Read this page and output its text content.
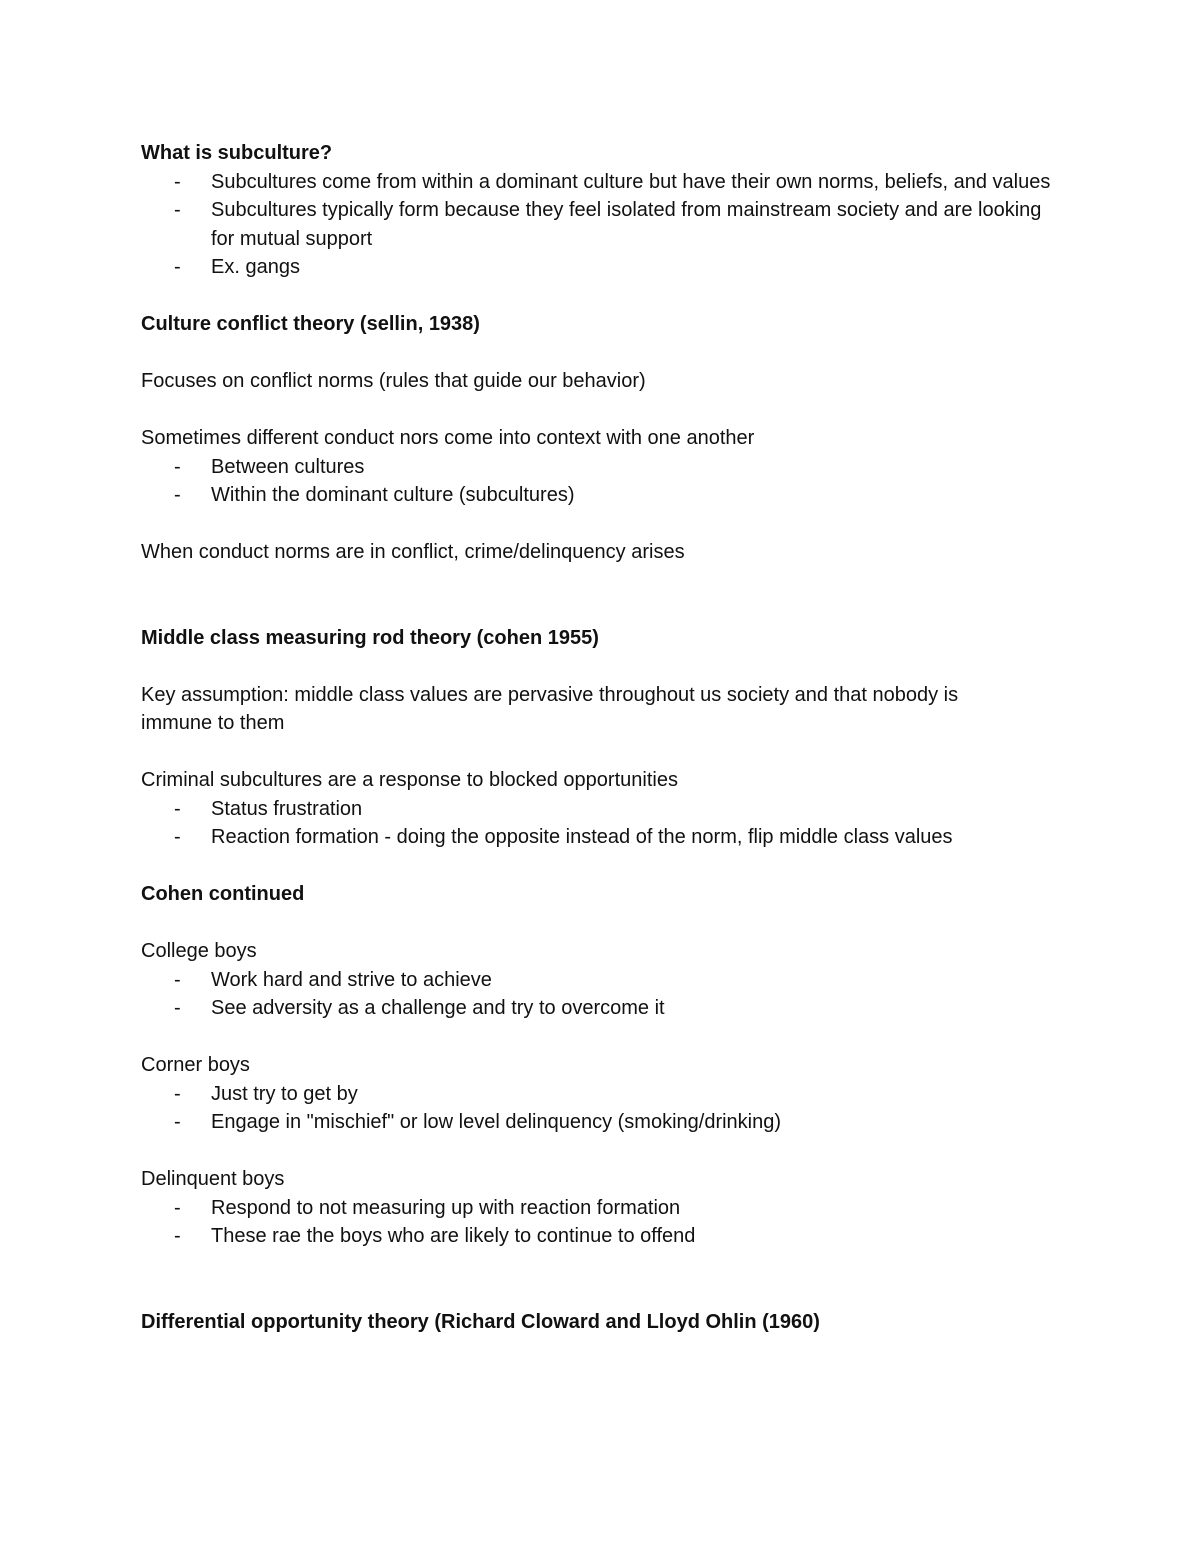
What is subculture?
- Subcultures come from within a dominant culture but have their own norms, beliefs, and values
- Subcultures typically form because they feel isolated from mainstream society and are looking for mutual support
- Ex. gangs
Culture conflict theory (sellin, 1938)
Focuses on conflict norms (rules that guide our behavior)
Sometimes different conduct nors come into context with one another
- Between cultures
- Within the dominant culture (subcultures)
When conduct norms are in conflict, crime/delinquency arises
Middle class measuring rod theory (cohen 1955)
Key assumption: middle class values are pervasive throughout us society and that nobody is
immune to them
Criminal subcultures are a response to blocked opportunities
- Status frustration
- Reaction formation - doing the opposite instead of the norm, flip middle class values
Cohen continued
College boys
- Work hard and strive to achieve
- See adversity as a challenge and try to overcome it
Corner boys
- Just try to get by
- Engage in "mischief" or low level delinquency (smoking/drinking)
Delinquent boys
- Respond to not measuring up with reaction formation
- These rae the boys who are likely to continue to offend
Differential opportunity theory (Richard Cloward and Lloyd Ohlin (1960)
